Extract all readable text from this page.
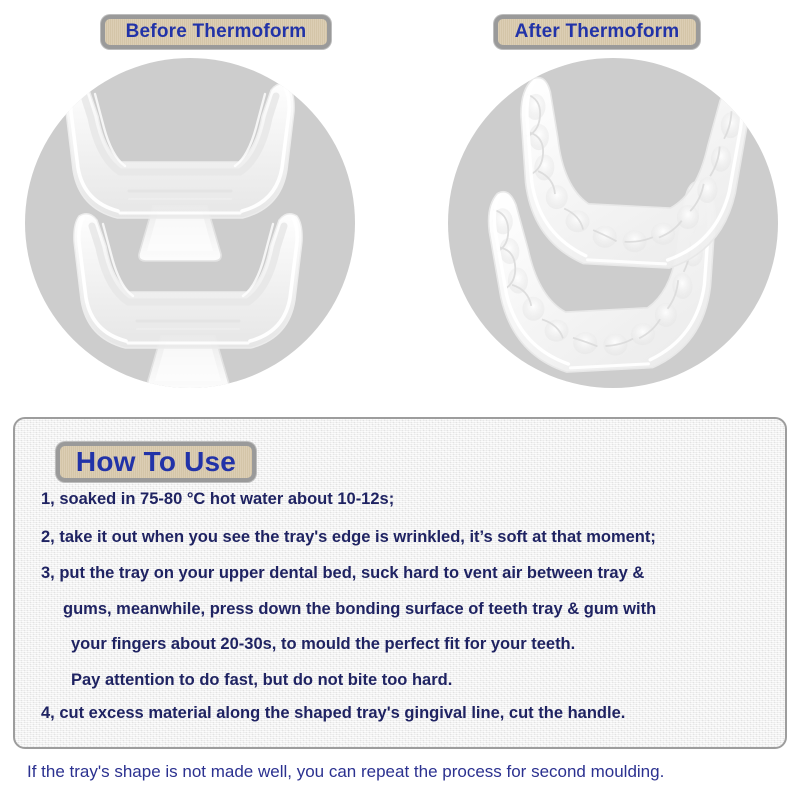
Before Thermoform	After Thermoform
How To Use

1, soaked in 75-80 °C hot water about 10-12s;

2, take it out when you see the tray's edge is wrinkled, it’s soft at that moment;

3, put the tray on your upper dental bed, suck hard to vent air between tray &

gums, meanwhile, press down the bonding surface of teeth tray & gum with

your fingers about 20-30s, to mould the perfect fit for your teeth.

Pay attention to do fast, but do not bite too hard.

4, cut excess material along the shaped tray's gingival line, cut the handle.

If the tray's shape is not made well, you can repeat the process for second moulding.
